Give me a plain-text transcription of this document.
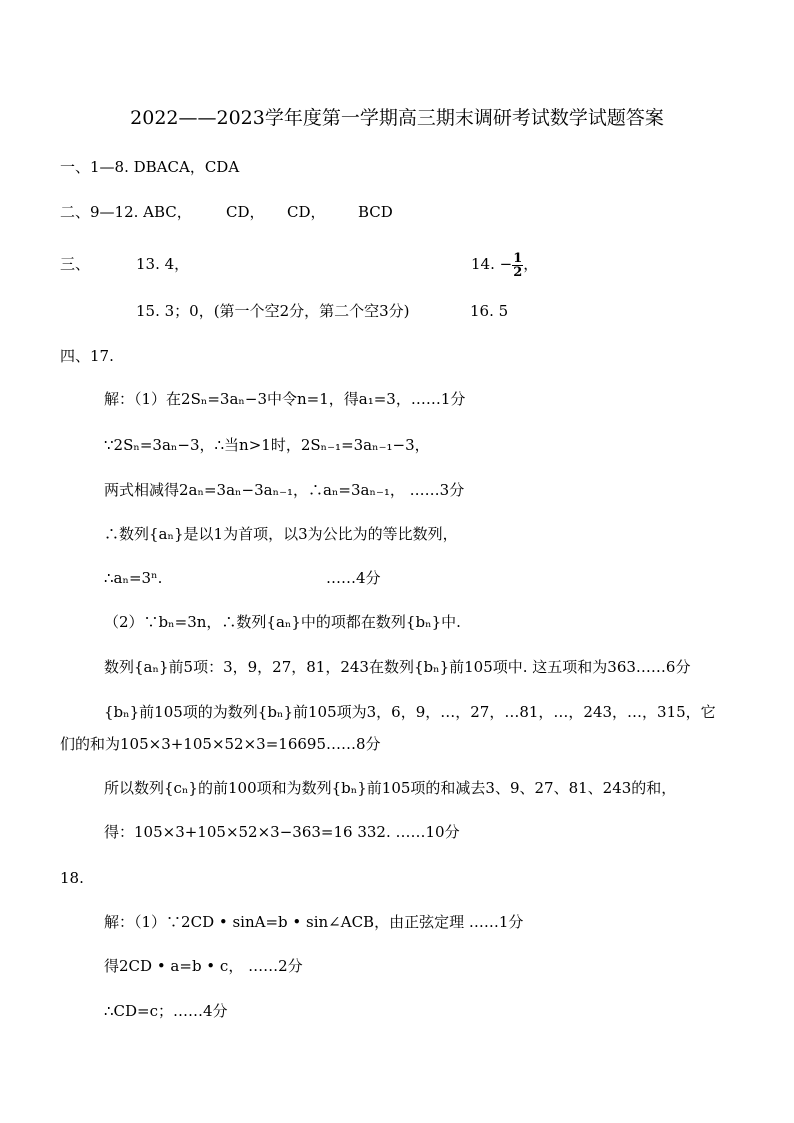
2022——2023学年度第一学期高三期末调研考试数学试题答案
一、1—8. DBACA，CDA
二、9—12. ABC， CD， CD， BCD
三、	13. 4，	14. − $\frac{1}{2}$ ，
15. 3；0，(第一个空2分，第二个空3分)	16. 5
四、17.
解：（1）在2Sₙ=3aₙ−3中令n=1，得a₁=3，……1分
∵2Sₙ=3aₙ−3，∴当n>1时，2Sₙ₋₁=3aₙ₋₁−3，
两式相减得2aₙ=3aₙ−3aₙ₋₁，∴aₙ=3aₙ₋₁， ……3分
∴数列{aₙ}是以1为首项，以3为公比为的等比数列，
∴aₙ=3ⁿ.	……4分
（2）∵bₙ=3n，∴数列{aₙ}中的项都在数列{bₙ}中.
数列{aₙ}前5项：3，9，27，81，243在数列{bₙ}前105项中. 这五项和为363……6分
{bₙ}前105项的为数列{bₙ}前105项为3，6，9，…，27，…81，…，243，…，315，它
们的和为105×3+105×52×3=16695……8分
所以数列{cₙ}的前100项和为数列{bₙ}前105项的和减去3、9、27、81、243的和，
得：105×3+105×52×3−363=16 332. ……10分
18.
解：（1）∵2CD • sinA=b • sin∠ACB，由正弦定理 ……1分
得2CD • a=b • c， ……2分
∴CD=c；……4分
